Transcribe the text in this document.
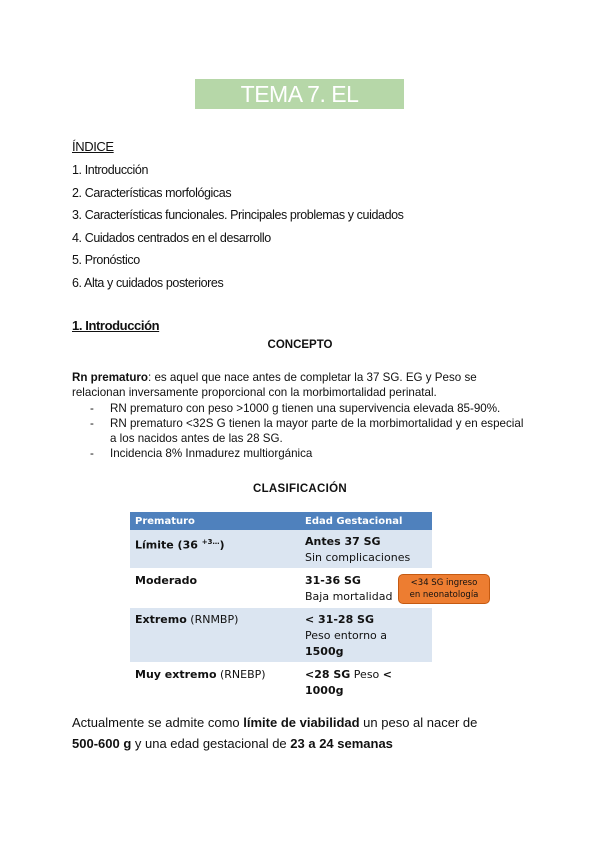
TEMA 7. EL PREMATURO
ÍNDICE
1. Introducción
2. Características morfológicas
3. Características funcionales. Principales problemas y cuidados
4. Cuidados centrados en el desarrollo
5. Pronóstico
6. Alta y cuidados posteriores
1. Introducción
CONCEPTO
Rn prematuro: es aquel que nace antes de completar la 37 SG. EG y Peso se relacionan inversamente proporcional con la morbimortalidad perinatal.
- RN prematuro con peso >1000 g tienen una supervivencia elevada 85-90%.
- RN prematuro <32S G tienen la mayor parte de la morbimortalidad y en especial a los nacidos antes de las 28 SG.
- Incidencia 8% Inmadurez multiorgánica
CLASIFICACIÓN
Prematuro	Edad Gestacional
Límite (36 $^{+3\dots}$)	Antes 37 SG
Sin complicaciones
Moderado	31-36 SG
Baja mortalidad
Extremo (RNMBP)	< 31-28 SG
Peso entorno a 1500g
Muy extremo (RNEBP)	<28 SG Peso < 1000g
<34 SG ingreso
en neonatología
Actualmente se admite como límite de viabilidad un peso al nacer de
500-600 g y una edad gestacional de 23 a 24 semanas
